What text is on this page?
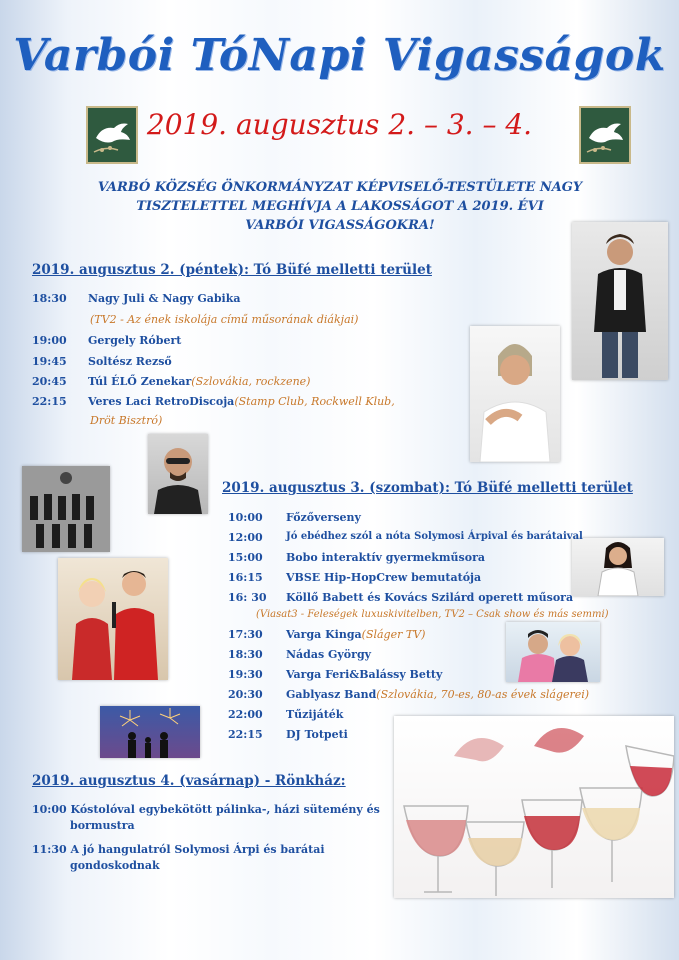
Varbói TóNapi Vigasságok
2019. augusztus 2. – 3. – 4.
VARBÓ KÖZSÉG ÖNKORMÁNYZAT KÉPVISELŐ-TESTÜLETE NAGY
TISZTELETTEL MEGHÍVJA A LAKOSSÁGOT A 2019. ÉVI
VARBÓI VIGASSÁGOKRA!
2019. augusztus 2. (péntek): Tó Büfé melletti terület
18:30 Nagy Juli & Nagy Gabika
(TV2 - Az ének iskolája című műsorának diákjai)
19:00 Gergely Róbert
19:45 Soltész Rezső
20:45 Túl ÉLŐ Zenekar(Szlovákia, rockzene)
22:15 Veres Laci RetroDiscoja(Stamp Club, Rockwell Klub,
Dröt Bisztró)
2019. augusztus 3. (szombat): Tó Büfé melletti terület
10:00 Főzőverseny
12:00 Jó ebédhez szól a nóta Solymosi Árpival és barátaival
15:00 Bobo interaktív gyermekműsora
16:15 VBSE Hip-HopCrew bemutatója
16: 30 Köllő Babett és Kovács Szilárd operett műsora
(Viasat3 - Feleségek luxuskivitelben, TV2 – Csak show és más semmi)
17:30 Varga Kinga(Sláger TV)
18:30 Nádas György
19:30 Varga Feri&Balássy Betty
20:30 Gablyasz Band(Szlovákia, 70-es, 80-as évek slágerei)
22:00 Tűzijáték
22:15 DJ Totpeti
2019. augusztus 4. (vasárnap) - Rönkház:
10:00 Kóstolóval egybekötött pálinka-, házi sütemény és
bormustra
11:30 A jó hangulatról Solymosi Árpi és barátai
gondoskodnak
